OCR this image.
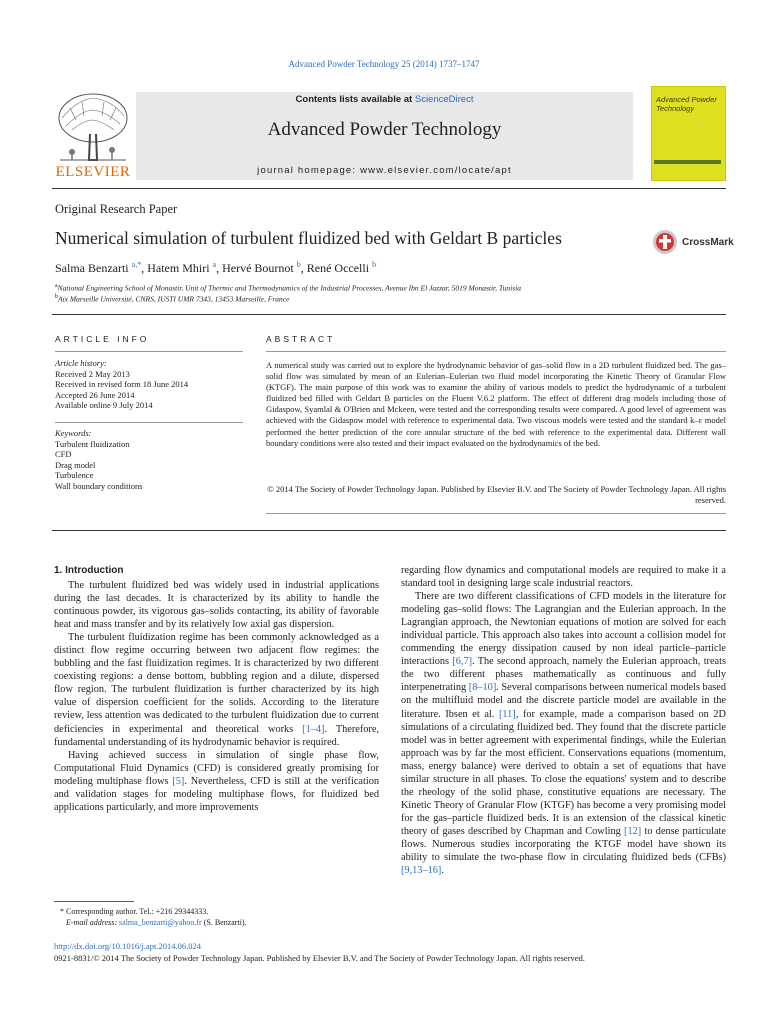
Advanced Powder Technology 25 (2014) 1737–1747
Contents lists available at ScienceDirect
Advanced Powder Technology
journal homepage: www.elsevier.com/locate/apt
ELSEVIER
Advanced Powder Technology
Original Research Paper
Numerical simulation of turbulent fluidized bed with Geldart B particles	CrossMark
Salma Benzarti $^{a,*}$, Hatem Mhiri $^a$, Hervé Bournot $^b$, René Occelli $^b$
$^a$National Engineering School of Monastir, Unit of Thermic and Thermodynamics of the Industrial Processes, Avenue Ibn El Jazzar, 5019 Monastir, Tunisia
$^b$Aix Marseille Université, CNRS, IUSTI UMR 7343, 13453 Marseille, France
ARTICLE INFO
Article history:
Received 2 May 2013
Received in revised form 18 June 2014
Accepted 26 June 2014
Available online 9 July 2014
Keywords:
Turbulent fluidization
CFD
Drag model
Turbulence
Wall boundary conditions
ABSTRACT
A numerical study was carried out to explore the hydrodynamic behavior of gas–solid flow in a 2D turbulent fluidized bed. The gas–solid flow was simulated by mean of an Eulerian–Eulerian two fluid model incorporating the Kinetic Theory of Granular Flow (KTGF). The main purpose of this work was to examine the ability of various models to predict the hydrodynamic of a turbulent fluidized bed filled with Geldart B particles on the Fluent V.6.2 platform. The effect of different drag models including those of Gidaspow, Syamlal & O'Brien and Mckeen, were tested and the corresponding results were compared. A good level of agreement was achieved with the Gidaspow model with reference to experimental data. Two viscous models were tested and the standard k–ε model performed the better prediction of the core annular structure of the bed with reference to the experimental data. Different wall boundary conditions were also tested and their impact evaluated on the hydrodynamics of the bed.
© 2014 The Society of Powder Technology Japan. Published by Elsevier B.V. and The Society of Powder Technology Japan. All rights reserved.
1. Introduction

The turbulent fluidized bed was widely used in industrial applications during the last decades. It is characterized by its ability to handle the continuous powder, its vigorous gas–solids contacting, its ability of favorable heat and mass transfer and by its relatively low axial gas dispersion.

The turbulent fluidization regime has been commonly acknowledged as a distinct flow regime occurring between two adjacent flow regimes: the bubbling and the fast fluidization regimes. It is characterized by two different coexisting regions: a dense bottom, bubbling region and a dilute, dispersed flow region. The turbulent fluidization is further characterized by its high value of dispersion coefficient for the solids. According to the literature review, less attention was dedicated to the turbulent fluidization due to current deficiencies in experimental and theoretical works [1–4]. Therefore, fundamental understanding of its hydrodynamic behavior is required.

Having achieved success in simulation of single phase flow, Computational Fluid Dynamics (CFD) is considered greatly promising for modeling multiphase flows [5]. Nevertheless, CFD is still at the verification and validation stages for modeling multiphase flows, for fluidized bed applications particularly, and more improvements

regarding flow dynamics and computational models are required to make it a standard tool in designing large scale industrial reactors.

There are two different classifications of CFD models in the literature for modeling gas–solid flows: The Lagrangian and the Eulerian approach. In the Lagrangian approach, the Newtonian equations of motion are solved for each individual particle. This approach also takes into account a collision model for commending the energy dissipation caused by non ideal particle–particle interactions [6,7]. The second approach, namely the Eulerian approach, treats the two different phases mathematically as continuous and fully interpenetrating [8–10]. Several comparisons between numerical models based on the multifluid model and the discrete particle model are available in the literature. Ibsen et al. [11], for example, made a comparison based on 2D simulations of a circulating fluidized bed. They found that the discrete particle model was in better agreement with experimental findings, while the Eulerian approach was by far the most efficient. Conservations equations (momentum, mass, energy balance) were derived to obtain a set of equations that have similar structure in all phases. To close the equations' system and to describe the rheology of the solid phase, constitutive equations are necessary. The Kinetic Theory of Granular Flow (KTGF) has become a very promising model for the gas–particle fluidized beds. It is an extension of the classical kinetic theory of gases described by Chapman and Cowling [12] to dense particulate flows. Numerous studies incorporating the KTGF model have shown its ability to simulate the two-phase flow in circulating fluidized beds (CFBs) [9,13–16].

* Corresponding author. Tel.: +216 29344333.
E-mail address: salma_benzarti@yahoo.fr (S. Benzarti).
http://dx.doi.org/10.1016/j.apt.2014.06.024
0921-8831/© 2014 The Society of Powder Technology Japan. Published by Elsevier B.V. and The Society of Powder Technology Japan. All rights reserved.
